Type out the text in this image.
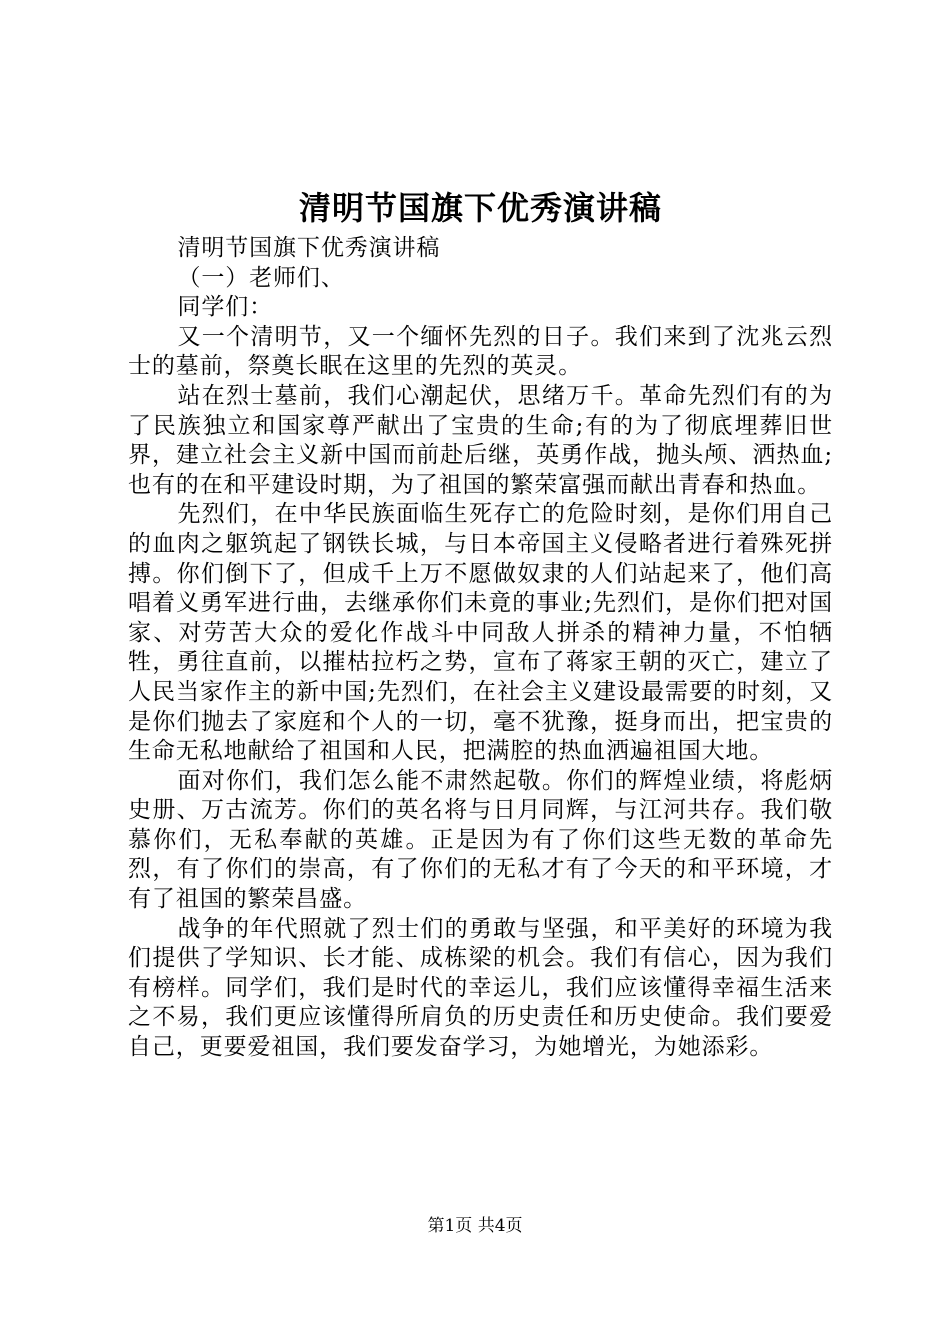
清明节国旗下优秀演讲稿

清明节国旗下优秀演讲稿

（一）老师们、

同学们：

又一个清明节，又一个缅怀先烈的日子。我们来到了沈兆云烈士的墓前，祭奠长眠在这里的先烈的英灵。

站在烈士墓前，我们心潮起伏，思绪万千。革命先烈们有的为了民族独立和国家尊严献出了宝贵的生命;有的为了彻底埋葬旧世界，建立社会主义新中国而前赴后继，英勇作战，抛头颅、洒热血;也有的在和平建设时期，为了祖国的繁荣富强而献出青春和热血。

先烈们，在中华民族面临生死存亡的危险时刻，是你们用自己的血肉之躯筑起了钢铁长城，与日本帝国主义侵略者进行着殊死拼搏。你们倒下了，但成千上万不愿做奴隶的人们站起来了，他们高唱着义勇军进行曲，去继承你们未竟的事业;先烈们，是你们把对国家、对劳苦大众的爱化作战斗中同敌人拼杀的精神力量，不怕牺牲，勇往直前，以摧枯拉朽之势，宣布了蒋家王朝的灭亡，建立了人民当家作主的新中国;先烈们，在社会主义建设最需要的时刻，又是你们抛去了家庭和个人的一切，毫不犹豫，挺身而出，把宝贵的生命无私地献给了祖国和人民，把满腔的热血洒遍祖国大地。

面对你们，我们怎么能不肃然起敬。你们的辉煌业绩，将彪炳史册、万古流芳。你们的英名将与日月同辉，与江河共存。我们敬慕你们，无私奉献的英雄。正是因为有了你们这些无数的革命先烈，有了你们的崇高，有了你们的无私才有了今天的和平环境，才有了祖国的繁荣昌盛。

战争的年代照就了烈士们的勇敢与坚强，和平美好的环境为我们提供了学知识、长才能、成栋梁的机会。我们有信心，因为我们有榜样。同学们，我们是时代的幸运儿，我们应该懂得幸福生活来之不易，我们更应该懂得所肩负的历史责任和历史使命。我们要爱自己，更要爱祖国，我们要发奋学习，为她增光，为她添彩。

第1页 共4页
